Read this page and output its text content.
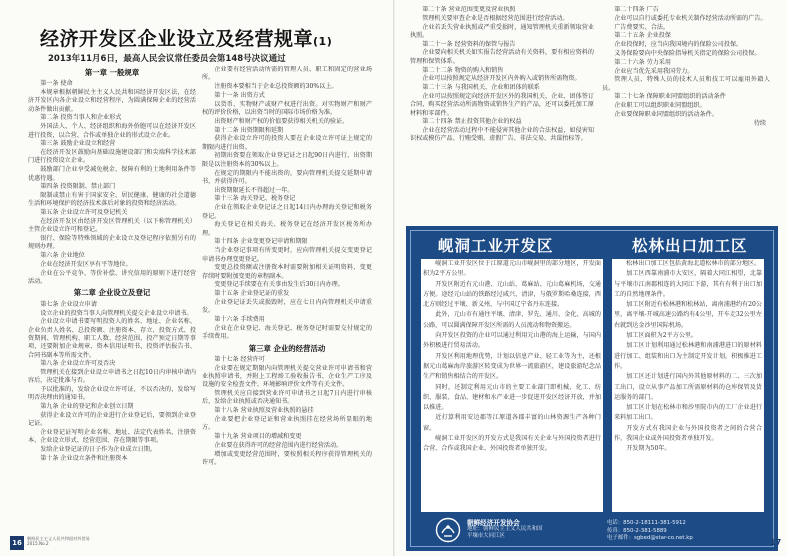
经济开发区企业设立及经营规章(1)
2013年11月6日，最高人民会议常任委员会第148号决议通过
第一章 一般规章

第一条 使命

本规章根据朝鲜民主主义人民共和国经济开发区法，在经济开发区內各企业设立和经营程序，为圆满保障企业的经营活动条件做出贡献。

第二条 投资当事人和企业形式

外国法人、个人、经济组织和海外侨胞可以在经济开发区进行投资，以合营、合作或单独企业的形式设立企业。

第三条 鼓励企业设立和经营

在经济开发区鼓励向基础设施建设部门和尖端科学技术部门进行投资设立企业。

鼓励部门企业享受减免税金、保障有利的土地利用条件等优惠待遇。

第四条 投资限制、禁止部门

限制或禁止有害于国家安全、居民健康、健康的社会道德生活和环境保护的经济技术落后对象的投资和经济活动。

第五条 企业设立许可及登记机关

在经济开发区由经济开发区管理机关（以下称管理机关）主管企业设立许可和登记。

银行、保险等特殊领域的企业设立及登记程序依照另有的规则办理。

第六条 企业地位

企业在经济开发区享有平等地位。

企业在公平竞争、等价补偿、讲究信用的原则下进行经营活动。

第二章 企业设立及登记

第七条 企业设立申请

设立企业的投资当事人向管理机关提交企业设立申请书。

企业设立申请书要写明投资人的姓名、地址、企业名称、企业负责人姓名、总投资额、注册资本、存立、投资方式、投资期间、管理机构、职工人数、经营范围、投产预定日期等事项，还要附加企业规章、资本信用证明书、投资评估报告书、合同书副本等所需文件。

第八条 企业设立许可及否决

管理机关在接到企业设立申请书之日起10日内审核申请内容后，决定批准与否。

予以批准的，发给企业设立许可证，不以否决的，发给写明否决理由的通知书。

第九条 企业的登记和企业创立日期

获得企业设立许可的企业进行企业登记后，要领到企业登记证。

企业登记证写明企业名称、地址、法定代表姓名、注册资本、企业设立形式、经营范围、存在期限等事项。

发给企业登记证的日子作为企业成立日期。

第十条 企业设立条件和注册资本

企业要有经营活动所需的管理人员、职工和固定的营业场所。

注册资本要相当于企业总投资额的30%以上。

第十一条 出资方式

以货币、实物财产或财产权进行出资。对实物财产和财产权的评价价格，以出资当时的国际市场价格为准。

出资财产和财产权的价值要获得相关机关的验证。

第十二条 出资期限和延期

获得企业设立许可的投资人要在企业设立许可证上规定的期限内进行出资。

初期出资要在领取企业登记证之日起90日内进行，出资期限是以注册资本的30%以上。

在规定的期限内不能出资的，要向管理机关提交延期申请书，并获得许可。

出资期限延长不得超过一年。

第十三条 海关登记、税务登记

企业在领取企业登记证之日起14日内办理海关登记和税务登记。

海关登记在相关海关、税务登记在经济开发区税务所办理。

第十四条 企业变更登记申请和期限

当企业登记事项有所变更时，应向管理机关提交变更登记申请书办理变更登记。

变更总投资额或注册资本时需要附加相关证明资料，变更存续时要附加变更的章程副本。

变更登记手续要在有关事由发生后30日内办理。

第十五条 企业登记证的重发

企业登记证丢失或损毁时，应在七日内向管理机关申请重发。

第十六条 手续费用

企业在企业登记、海关登记、税务登记时需要交付规定的手续费用。

第三章 企业的经营活动

第十七条 经营许可

企业要在规定期限内向管理机关提交营业许可申请书和营业执照申请书，并附上工程竣工验收报告书、企业生产工序及设施的安全检查文件、环境影响评价文件等有关文件。

管理机关应自接到营业许可申请书之日起7日内进行审核后，发给企业执照或否决通知书。

第十八条 营业执照及营业执照的悬挂

企业要把企业登记证和营业执照挂在经营场所显眼的地方。

第十九条 营业项目的增减和变更

企业要在获得许可的经营范围内进行经营活动。

增加或变更经营范围时，要按照相关程序获得管理机关的许可。

16
朝鲜民主主义人民共和国对外贸易
2015.No.2

第二十条 营业范围变更及营业执照

管理机关要审查企业是否根据经营范围进行经营活动。

企业若丢失营业执照或严重受损时，通知管理机关重新领取营业执照。

第二十一条 经营资料的保管与报告

企业要向相关机关如实报告经营活动有关资料，要有相应资料的管理和保管体系。

第二十二条 物资的购入和销售

企业可以按照规定从经济开发区内外购入或销售所需物资。

第二十三条 与我国机关、企业和团体的联系

企业可以按照规定向经济开发区外的我国机关、企业、团体签订合同，购买经营活动所需物资或销售生产的产品，还可以委托加工原材料和零部件。

第二十四条 禁止投资其他企业的权益

企业在经营活动过程中不能侵害其他企业的合法权益，如侵害知识权或模仿产品、行贿受贿、虚假广告、非法交易、共谋抬标等。

第二十四条 广告

企业可以自行或委托专业机关制作经营活动所需的广告。

广告费要实、合法。

第二十五条 企业投保

企业投保时，应当向我国境内的保险公司投保。

义务保险要向中央保险指导机关指定的保险公司投保。

第二十六条 劳力采用

企业应当优先采用我国劳力。

管理人员、特殊人员的技术人员和技工可以雇用外籍人员。

第二十七条 保障职业同盟组织的活动条件

企业职工可以组织职业同盟组织。

企业要保障职业同盟组织的活动条件。

待续

岘洞工业开发区	松林出口加工区

岘洞工业开发区位于江原道元山市岘洞里的部分地区，开发面积为2平方公里。

开发区附近有元山港、元山站、葛麻站、元山葛麻机场，交通方便。途经元山站的铁路经过咸兴、清津，与俄罗斯哈桑连接，西北方则经过平壤、新义州，与中国辽宁省丹东连接。

此外，元山市有通往平壤、清津、罗先、通川、金化、高城的公路，可以圆满保障开发区所需的人员流动和物资搬运。

向开发区投资的企业可以通过利用元山港的海上运输，与国内外积极进行贸易活动。

开发区利用地理优势，计划以信息产业、轻工业等为主，还根据元山葛麻海岸旅游区转变成为世界一流旅游区，建设旅游纪念品生产和销售相结合的开发区。

同时，还制定利用元山市的主要工业部门即机械、化工、纺织、服装、食品、建材和水产业进一步促进开发区经济开放，并加以推进。

近打算利用安边郡等江原道各郡丰富的山林资源生产各种门窗。

岘洞工业开发区的开发方式是我国有关企业与外国投资者进行合营、合作或我国企业、外国投资者单独开发。

松林出口加工区包括黄海北道松林市的部分地区。

加工区西靠南浦市大安区，隔着大同江相望，北靠与平壤市江南郡相连的大同江下游，其有有利于出口加工的自然地理条件。

加工区附近有松林港和松林站，离南浦港约有20公里，离平壤-开城高速公路约有4公里，开车走32公里左右就到达金沙里国际机场。

加工区面积为2平方公里。

加工区计划利用通过松林港和南浦港进口的原材料进行加工、组装和出口为主制定开发计划，积极推进工作。

加工区还计划进行国内外其他原材料的二、三次加工出口，设立从事产品加工所需原材料的仓库保管及货运服务的部门。

加工区计划在松林市和沙里院市内的工厂企业进行来料加工出口。

开发方式有我国企业与外国投资者之间的合营合作，我国企业或外国投资者单独开发。

开发期为50年。

朝鲜经济开发协会
地址：朝鲜民主主义人民共和国
平壤市大同江区
电话：850-2-18111-381-5912
传真：850-2-381-5889
电子邮件：sgbed@star-co.net.kp	17
